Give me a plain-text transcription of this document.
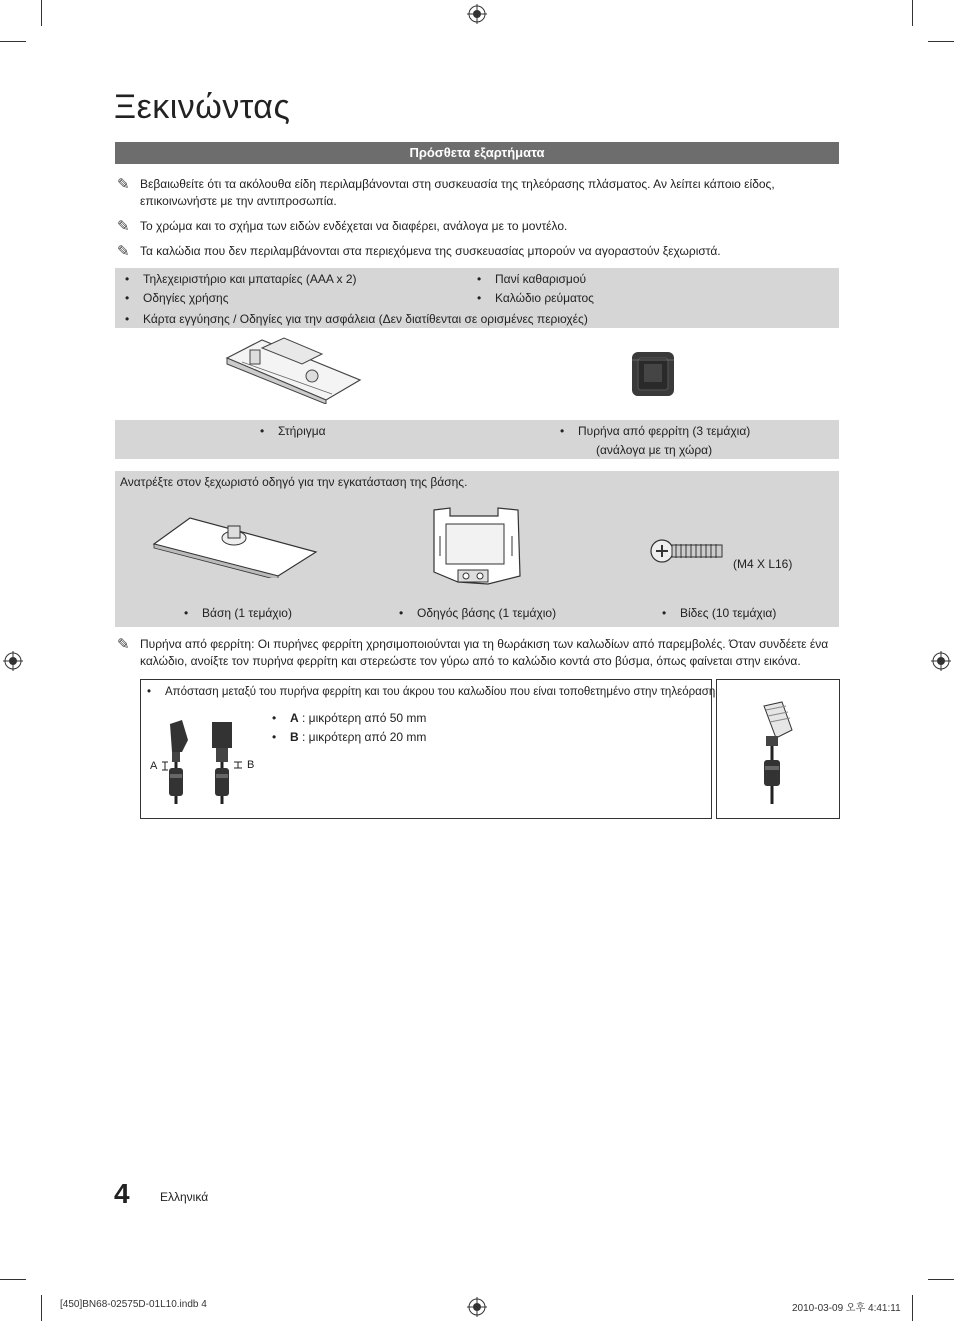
Ξεκινώντας
Πρόσθετα εξαρτήματα
✎ Βεβαιωθείτε ότι τα ακόλουθα είδη περιλαμβάνονται στη συσκευασία της τηλεόρασης πλάσματος. Αν λείπει κάποιο είδος, επικοινωνήστε με την αντιπροσωπία.
✎ Το χρώμα και το σχήμα των ειδών ενδέχεται να διαφέρει, ανάλογα με το μοντέλο.
✎ Τα καλώδια που δεν περιλαμβάνονται στα περιεχόμενα της συσκευασίας μπορούν να αγοραστούν ξεχωριστά.
• Τηλεχειριστήριο και μπαταρίες (AAA x 2)
• Οδηγίες χρήσης
• Πανί καθαρισμού
• Καλώδιο ρεύματος
• Κάρτα εγγύησης / Οδηγίες για την ασφάλεια (Δεν διατίθενται σε ορισμένες περιοχές)
• Στήριγμα	• Πυρήνα από φερρίτη (3 τεμάχια)
(ανάλογα με τη χώρα)
Ανατρέξτε στον ξεχωριστό οδηγό για την εγκατάσταση της βάσης.
(M4 X L16)
• Βάση (1 τεμάχιο)	• Οδηγός βάσης (1 τεμάχιο)	• Βίδες (10 τεμάχια)
✎ Πυρήνα από φερρίτη: Οι πυρήνες φερρίτη χρησιμοποιούνται για τη θωράκιση των καλωδίων από παρεμβολές. Όταν συνδέετε ένα καλώδιο, ανοίξτε τον πυρήνα φερρίτη και στερεώστε τον γύρω από το καλώδιο κοντά στο βύσμα, όπως φαίνεται στην εικόνα.
• Απόσταση μεταξύ του πυρήνα φερρίτη και του άκρου του καλωδίου που είναι τοποθετημένο στην τηλεόραση
• A : μικρότερη από 50 mm
• B : μικρότερη από 20 mm
A	B
4	Ελληνικά
[450]BN68-02575D-01L10.indb 4	2010-03-09 오후 4:41:11
